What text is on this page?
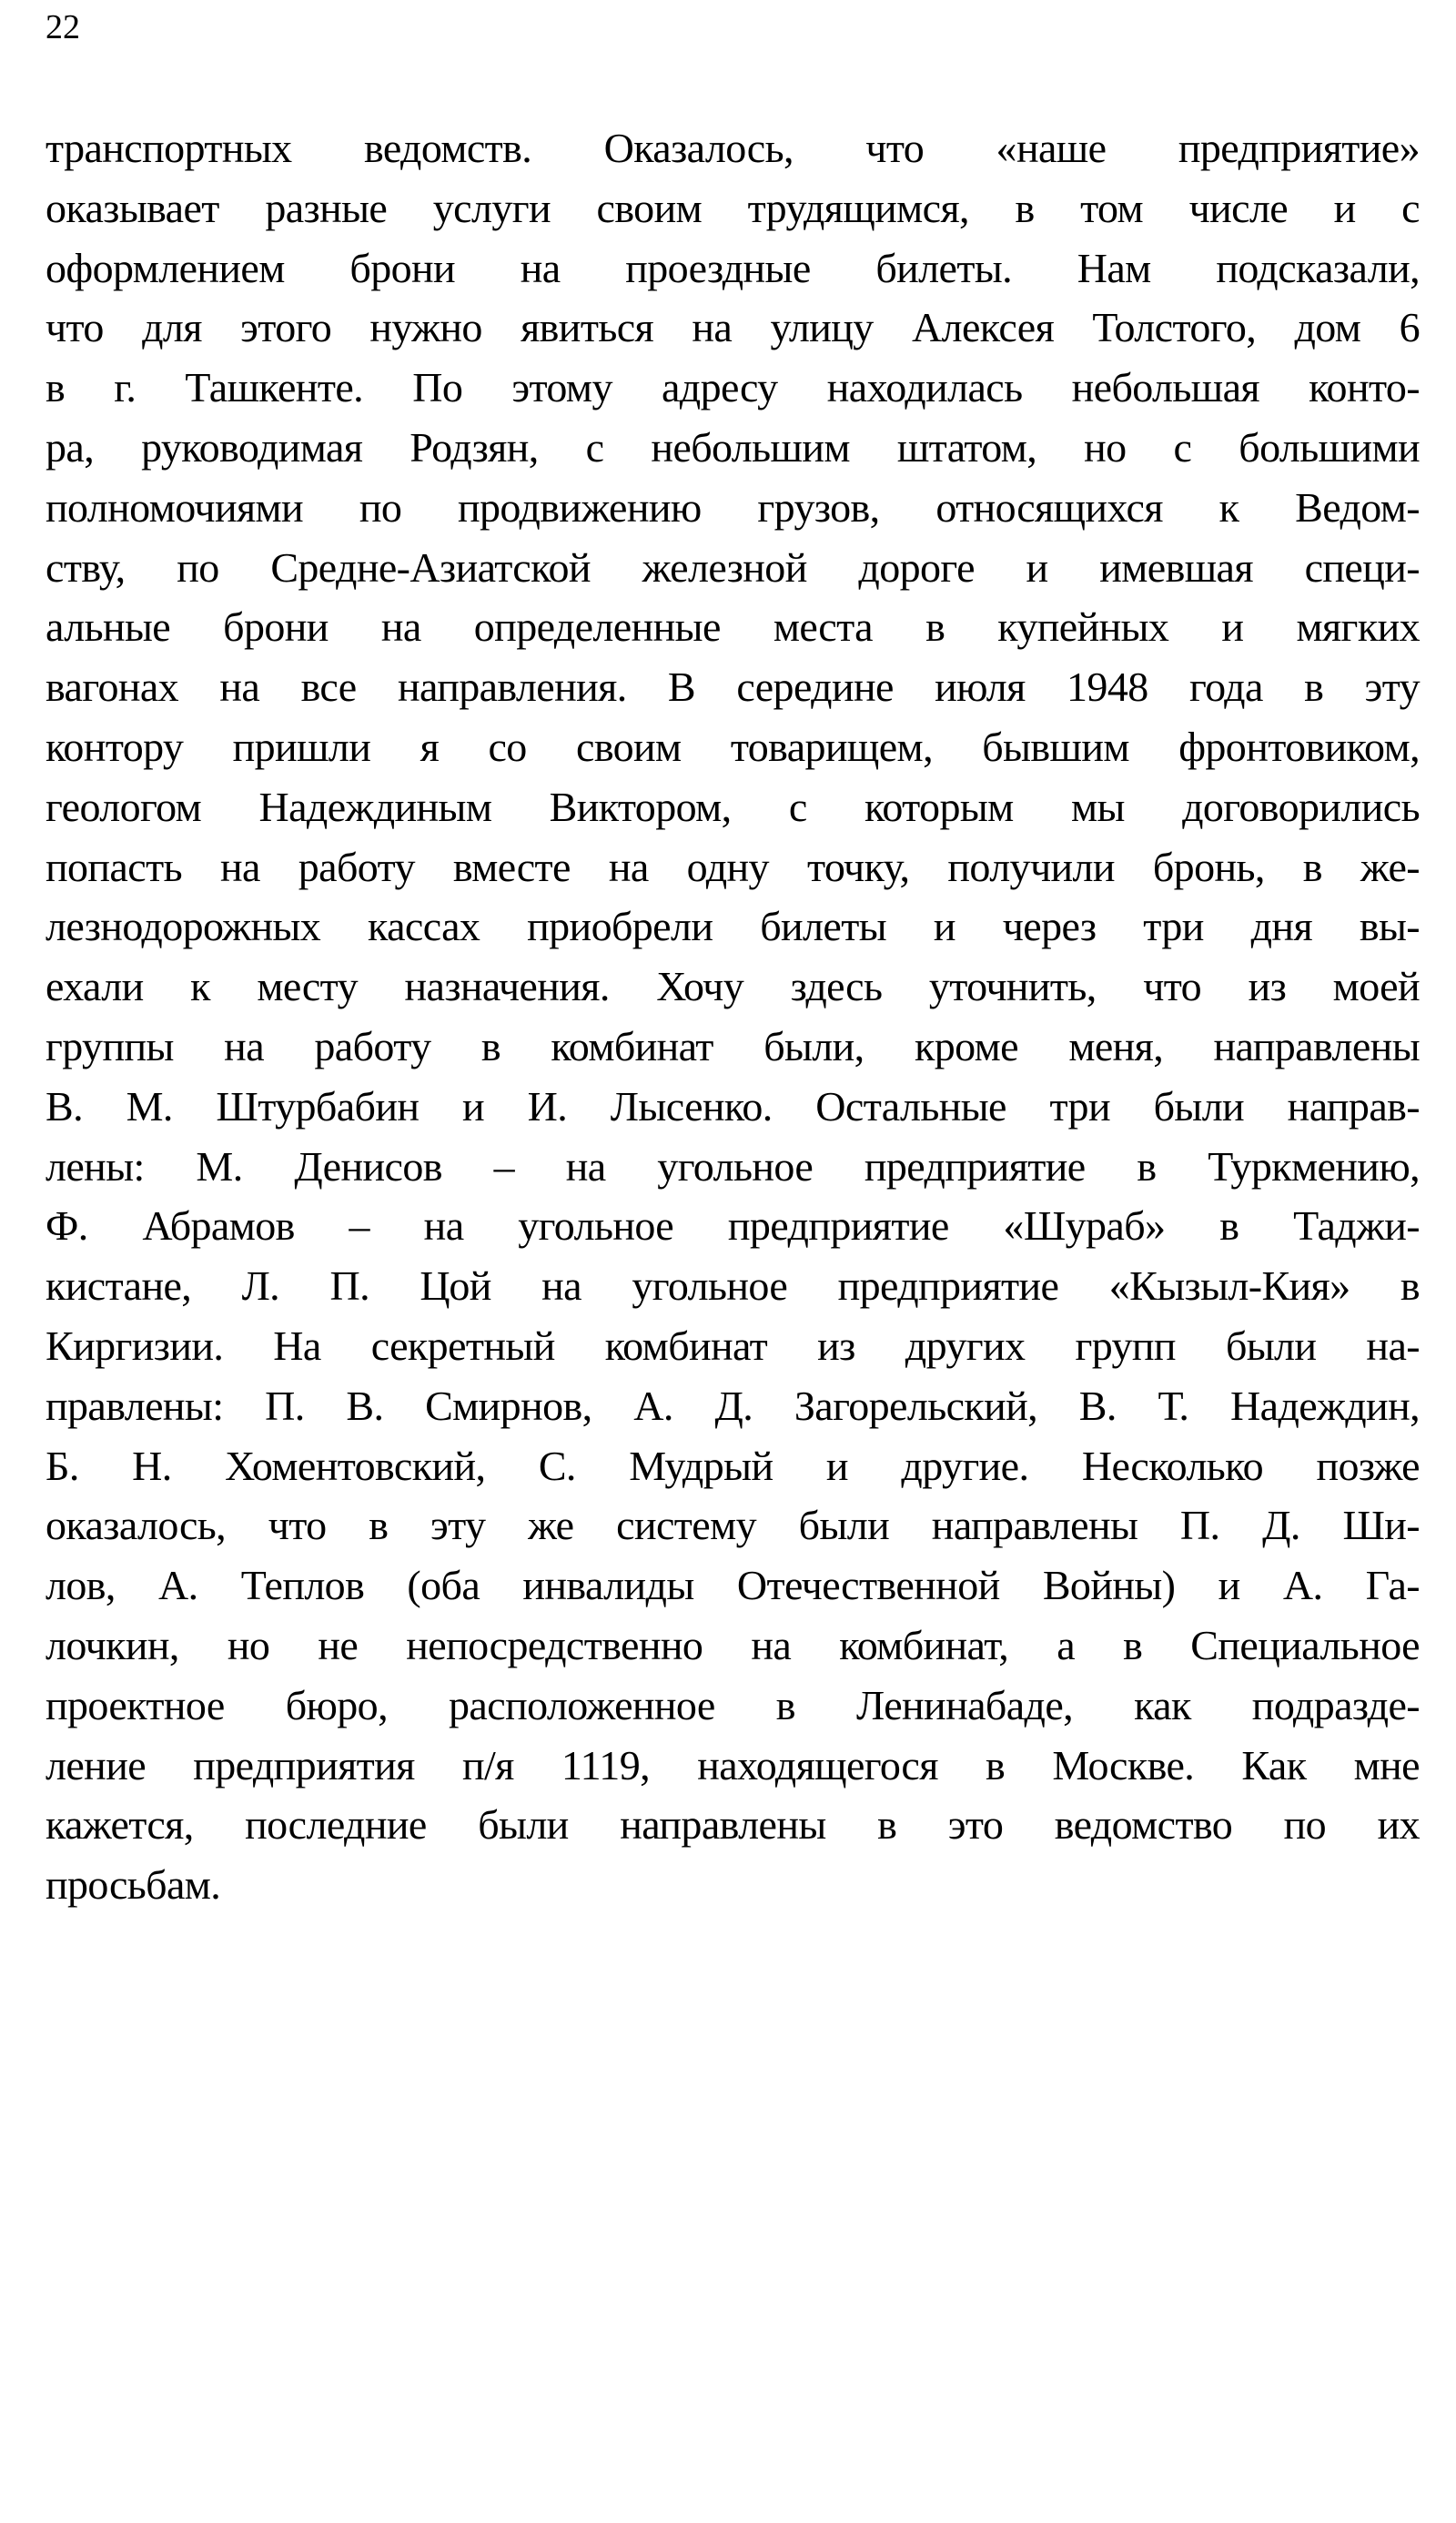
22
транспортных ведомств. Оказалось, что «наше предприятие»
оказывает разные услуги своим трудящимся, в том числе и с
оформлением брони на проездные билеты. Нам подсказали,
что для этого нужно явиться на улицу Алексея Толстого, дом 6
в г. Ташкенте. По этому адресу находилась небольшая конто-
ра, руководимая Родзян, с небольшим штатом, но с большими
полномочиями по продвижению грузов, относящихся к Ведом-
ству, по Средне-Азиатской железной дороге и имевшая специ-
альные брони на определенные места в купейных и мягких
вагонах на все направления. В середине июля 1948 года в эту
контору пришли я со своим товарищем, бывшим фронтовиком,
геологом Надеждиным Виктором, с которым мы договорились
попасть на работу вместе на одну точку, получили бронь, в же-
лезнодорожных кассах приобрели билеты и через три дня вы-
ехали к месту назначения. Хочу здесь уточнить, что из моей
группы на работу в комбинат были, кроме меня, направлены
В. М. Штурбабин и И. Лысенко. Остальные три были направ-
лены: М. Денисов – на угольное предприятие в Туркмению,
Ф. Абрамов – на угольное предприятие «Шураб» в Таджи-
кистане, Л. П. Цой на угольное предприятие «Кызыл-Кия» в
Киргизии. На секретный комбинат из других групп были на-
правлены: П. В. Смирнов, А. Д. Загорельский, В. Т. Надеждин,
Б. Н. Хоментовский, С. Мудрый и другие. Несколько позже
оказалось, что в эту же систему были направлены П. Д. Ши-
лов, А. Теплов (оба инвалиды Отечественной Войны) и А. Га-
лочкин, но не непосредственно на комбинат, а в Специальное
проектное бюро, расположенное в Ленинабаде, как подразде-
ление предприятия п/я 1119, находящегося в Москве. Как мне
кажется, последние были направлены в это ведомство по их
просьбам.
